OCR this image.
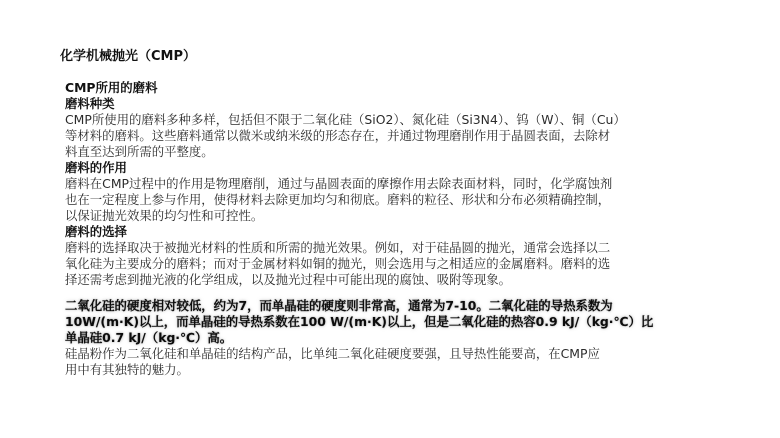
化学机械抛光（CMP）
CMP所用的磨料
磨料种类
CMP所使用的磨料多种多样，包括但不限于二氧化硅（SiO2）、氮化硅（Si3N4）、钨（W）、铜（Cu）
等材料的磨料。这些磨料通常以微米或纳米级的形态存在，并通过物理磨削作用于晶圆表面，去除材
料直至达到所需的平整度。
磨料的作用
磨料在CMP过程中的作用是物理磨削，通过与晶圆表面的摩擦作用去除表面材料，同时，化学腐蚀剂
也在一定程度上参与作用，使得材料去除更加均匀和彻底。磨料的粒径、形状和分布必须精确控制，
以保证抛光效果的均匀性和可控性。
磨料的选择
磨料的选择取决于被抛光材料的性质和所需的抛光效果。例如，对于硅晶圆的抛光，通常会选择以二
氧化硅为主要成分的磨料；而对于金属材料如铜的抛光，则会选用与之相适应的金属磨料。磨料的选
择还需考虑到抛光液的化学组成，以及抛光过程中可能出现的腐蚀、吸附等现象。
二氧化硅的硬度相对较低，约为7，而单晶硅的硬度则非常高，通常为7-10。二氧化硅的导热系数为
10W/(m·K)以上，而单晶硅的导热系数在100 W/(m·K)以上，但是二氧化硅的热容0.9 kJ/（kg·℃）比
单晶硅0.7 kJ/（kg·℃）高。
硅晶粉作为二氧化硅和单晶硅的结构产品，比单纯二氧化硅硬度要强，且导热性能要高，在CMP应
用中有其独特的魅力。
